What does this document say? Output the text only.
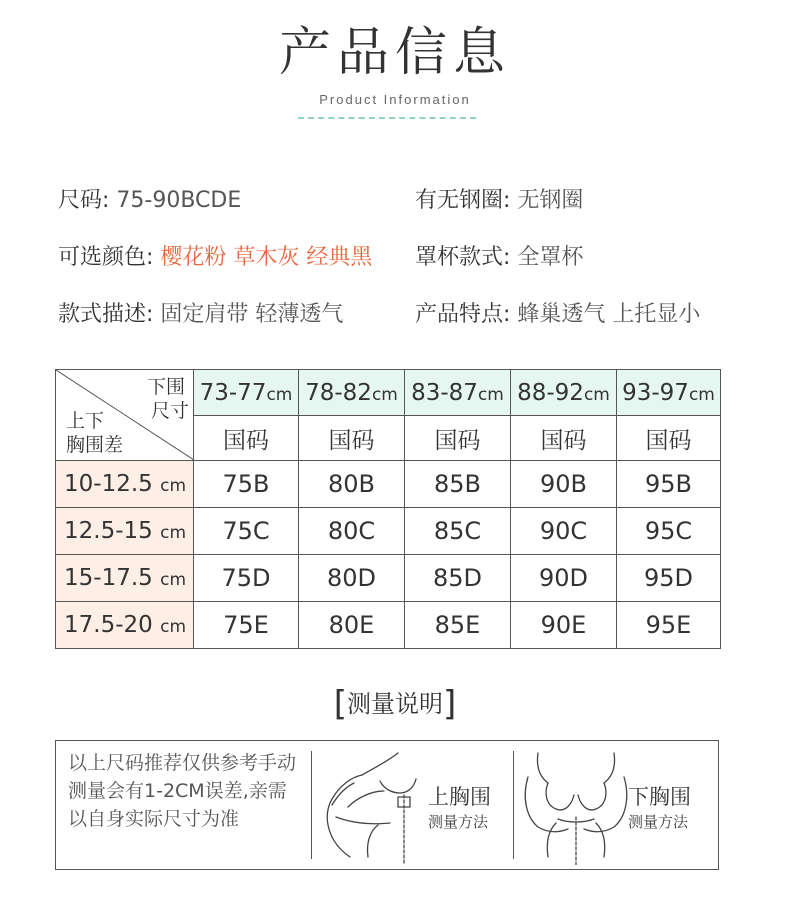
产品信息
Product Information
尺码: 75-90BCDE	有无钢圈: 无钢圈
可选颜色: 樱花粉 草木灰 经典黑 罩杯款式: 全罩杯
款式描述: 固定肩带 轻薄透气	产品特点: 蜂巢透气 上托显小
下围
尺寸
上下
胸围差	73-77cm	78-82cm	83-87cm	88-92cm	93-97cm
	国码	国码	国码	国码	国码
10-12.5 cm	75B	80B	85B	90B	95B
12.5-15 cm	75C	80C	85C	90C	95C
15-17.5 cm	75D	80D	85D	90D	95D
17.5-20 cm	75E	80E	85E	90E	95E
[测量说明]
以上尺码推荐仅供参考手动测量会有1-2CM误差,亲需以自身实际尺寸为准
上胸围
测量方法
下胸围
测量方法
